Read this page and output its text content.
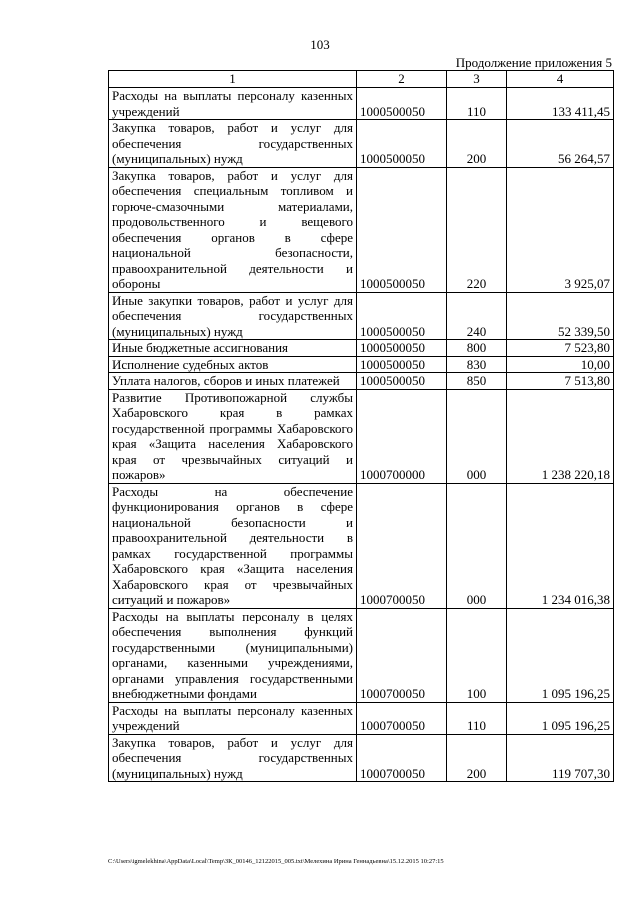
103
Продолжение приложения 5
1	2	3	4
Расходы на выплаты персоналу казенных учреждений	1000500050	110	133 411,45
Закупка товаров, работ и услуг для обеспечения государственных (муниципальных) нужд	1000500050	200	56 264,57
Закупка товаров, работ и услуг для обеспечения специальным топливом и горюче-смазочными материалами, продовольственного и вещевого обеспечения органов в сфере национальной безопасности, правоохранительной деятельности и обороны	1000500050	220	3 925,07
Иные закупки товаров, работ и услуг для обеспечения государственных (муниципальных) нужд	1000500050	240	52 339,50
Иные бюджетные ассигнования	1000500050	800	7 523,80
Исполнение судебных актов	1000500050	830	10,00
Уплата налогов, сборов и иных платежей	1000500050	850	7 513,80
Развитие Противопожарной службы Хабаровского края в рамках государственной программы Хабаровского края «Защита населения Хабаровского края от чрезвычайных ситуаций и пожаров»	1000700000	000	1 238 220,18
Расходы на обеспечение функционирования органов в сфере национальной безопасности и правоохранительной деятельности в рамках государственной программы Хабаровского края «Защита населения Хабаровского края от чрезвычайных ситуаций и пожаров»	1000700050	000	1 234 016,38
Расходы на выплаты персоналу в целях обеспечения выполнения функций государственными (муниципальными) органами, казенными учреждениями, органами управления государственными внебюджетными фондами	1000700050	100	1 095 196,25
Расходы на выплаты персоналу казенных учреждений	1000700050	110	1 095 196,25
Закупка товаров, работ и услуг для обеспечения государственных (муниципальных) нужд	1000700050	200	119 707,30
C:\Users\igmelekhina\AppData\Local\Temp\ЗК_00146_12122015_005.txt\Мелехина Ирина Геннадьевна\15.12.2015 10:27:15
